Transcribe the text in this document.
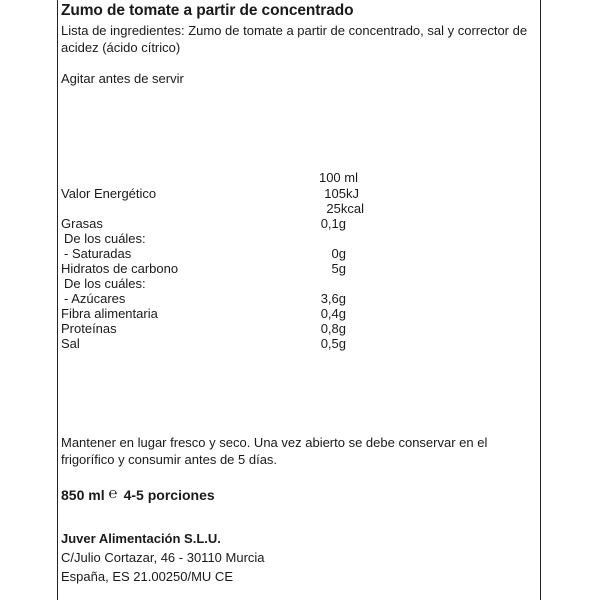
Zumo de tomate a partir de concentrado
Lista de ingredientes: Zumo de tomate a partir de concentrado, sal y corrector de acidez (ácido cítrico)
Agitar antes de servir
100 ml
Valor Energético	105kJ
25kcal
Grasas	0,1g
De los cuáles:
- Saturadas	0g
Hidratos de carbono	5g
De los cuáles:
- Azúcares	3,6g
Fibra alimentaria	0,4g
Proteínas	0,8g
Sal	0,5g
Mantener en lugar fresco y seco. Una vez abierto se debe conservar en el frigorífico y consumir antes de 5 días.
850 ml ℮ 4-5 porciones
Juver Alimentación S.L.U.
C/Julio Cortazar, 46 - 30110 Murcia
España, ES 21.00250/MU CE
